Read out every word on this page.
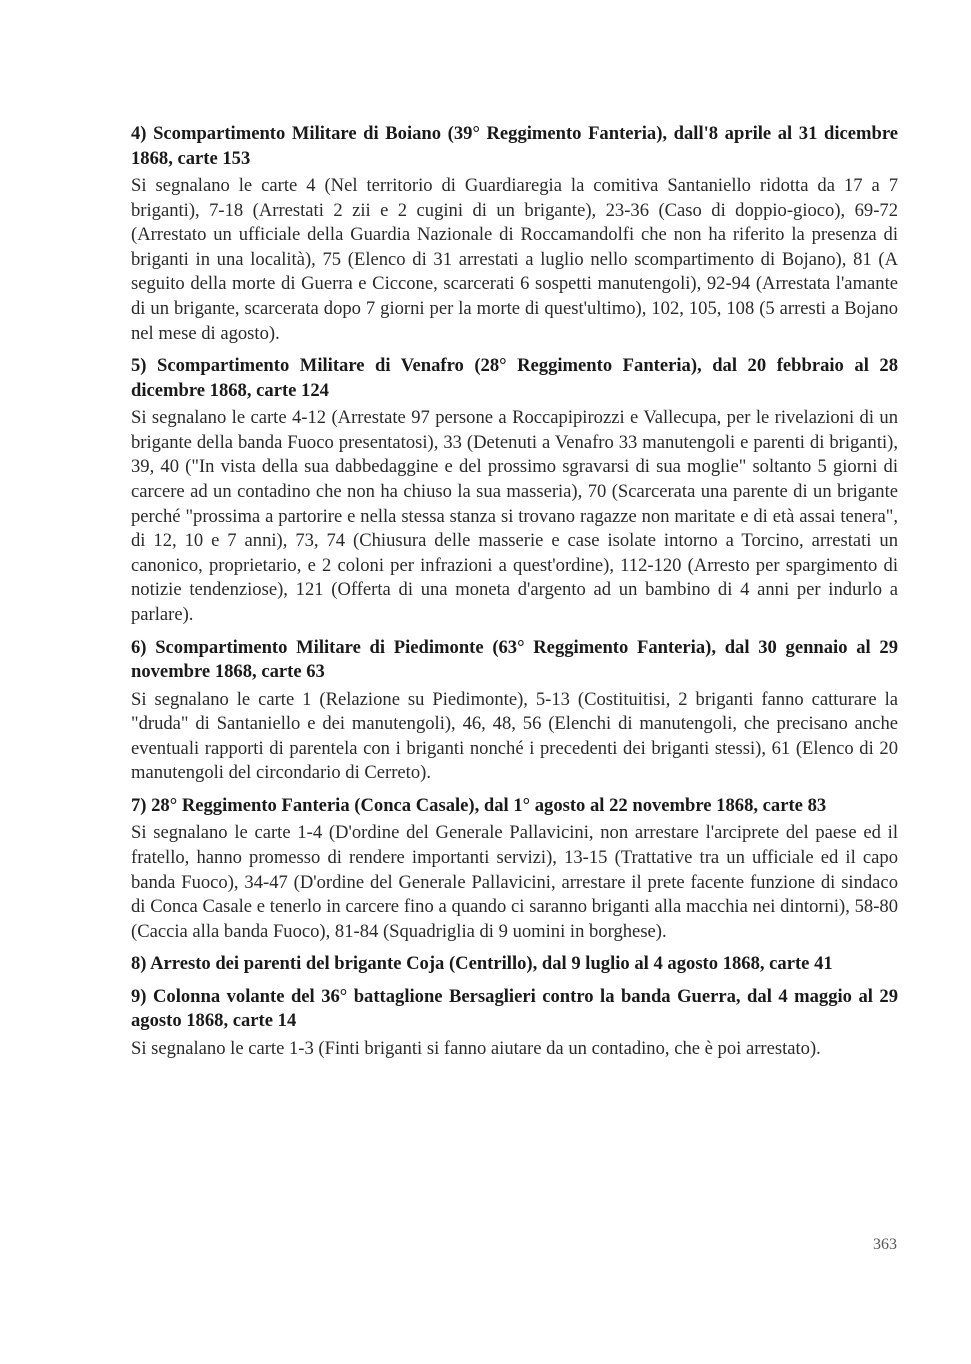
4) Scompartimento Militare di Boiano (39° Reggimento Fanteria), dall'8 aprile al 31 dicembre 1868, carte 153

Si segnalano le carte 4 (Nel territorio di Guardiaregia la comitiva Santaniello ridotta da 17 a 7 briganti), 7-18 (Arrestati 2 zii e 2 cugini di un brigante), 23-36 (Caso di doppio-gioco), 69-72 (Arrestato un ufficiale della Guardia Nazionale di Roccamandolfi che non ha riferito la presenza di briganti in una località), 75 (Elenco di 31 arrestati a luglio nello scompartimento di Bojano), 81 (A seguito della morte di Guerra e Ciccone, scarcerati 6 sospetti manutengoli), 92-94 (Arrestata l'amante di un brigante, scarcerata dopo 7 giorni per la morte di quest'ultimo), 102, 105, 108 (5 arresti a Bojano nel mese di agosto).

5) Scompartimento Militare di Venafro (28° Reggimento Fanteria), dal 20 febbraio al 28 dicembre 1868, carte 124

Si segnalano le carte 4-12 (Arrestate 97 persone a Roccapipirozzi e Vallecupa, per le rivelazioni di un brigante della banda Fuoco presentatosi), 33 (Detenuti a Venafro 33 manutengoli e parenti di briganti), 39, 40 ("In vista della sua dabbedaggine e del prossimo sgravarsi di sua moglie" soltanto 5 giorni di carcere ad un contadino che non ha chiuso la sua masseria), 70 (Scarcerata una parente di un brigante perché "prossima a partorire e nella stessa stanza si trovano ragazze non maritate e di età assai tenera", di 12, 10 e 7 anni), 73, 74 (Chiusura delle masserie e case isolate intorno a Torcino, arrestati un canonico, proprietario, e 2 coloni per infrazioni a quest'ordine), 112-120 (Arresto per spargimento di notizie tendenziose), 121 (Offerta di una moneta d'argento ad un bambino di 4 anni per indurlo a parlare).

6) Scompartimento Militare di Piedimonte (63° Reggimento Fanteria), dal 30 gennaio al 29 novembre 1868, carte 63

Si segnalano le carte 1 (Relazione su Piedimonte), 5-13 (Costituitisi, 2 briganti fanno catturare la "druda" di Santaniello e dei manutengoli), 46, 48, 56 (Elenchi di manutengoli, che precisano anche eventuali rapporti di parentela con i briganti nonché i precedenti dei briganti stessi), 61 (Elenco di 20 manutengoli del circondario di Cerreto).

7) 28° Reggimento Fanteria (Conca Casale), dal 1° agosto al 22 novembre 1868, carte 83

Si segnalano le carte 1-4 (D'ordine del Generale Pallavicini, non arrestare l'arciprete del paese ed il fratello, hanno promesso di rendere importanti servizi), 13-15 (Trattative tra un ufficiale ed il capo banda Fuoco), 34-47 (D'ordine del Generale Pallavicini, arrestare il prete facente funzione di sindaco di Conca Casale e tenerlo in carcere fino a quando ci saranno briganti alla macchia nei dintorni), 58-80 (Caccia alla banda Fuoco), 81-84 (Squadriglia di 9 uomini in borghese).

8) Arresto dei parenti del brigante Coja (Centrillo), dal 9 luglio al 4 agosto 1868, carte 41

9) Colonna volante del 36° battaglione Bersaglieri contro la banda Guerra, dal 4 maggio al 29 agosto 1868, carte 14

Si segnalano le carte 1-3 (Finti briganti si fanno aiutare da un contadino, che è poi arrestato).

363
